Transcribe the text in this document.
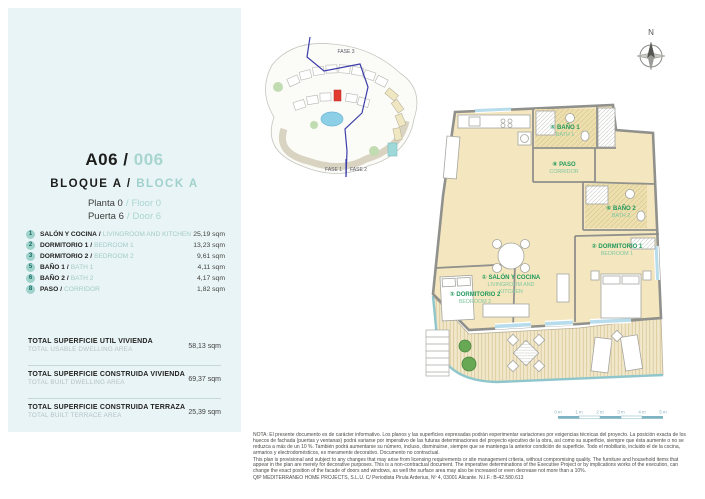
A06 / 006
BLOQUE A / BLOCK A
Planta 0 / Floor 0
Puerta 6 / Door 6
1	SALÓN Y COCINA / LIVINGROOM AND KITCHEN 25,19 sqm
2	DORMITORIO 1 / BEDROOM 1	13,23 sqm
3	DORMITORIO 2 / BEDROOM 2	9,61 sqm
5	BAÑO 1 / BATH 1	4,11 sqm
6	BAÑO 2 / BATH 2	4,17 sqm
8	PASO / CORRIDOR	1,82 sqm
TOTAL SUPERFICIE UTIL VIVIENDA
TOTAL USABLE DWELLING AREA	58,13 sqm
TOTAL SUPERFICIE CONSTRUIDA VIVIENDA
TOTAL BUILT DWELLING AREA	69,37 sqm
TOTAL SUPERFICIE CONSTRUIDA TERRAZA
TOTAL BUILT TERRACE AREA	25,39 sqm
FASE 3
FASE 1 FASE 2
N
⑤ BAÑO 1
BATH 1
⑧ PASO
CORRIDOR
⑥ BAÑO 2
BATH 2
② DORMITORIO 1
BEDROOM 1
① SALÓN Y COCINA
LIVINGROOM AND
KITCHEN
③ DORMITORIO 2
BEDROOM 2
0 m	1 m	2 m	3 m	4 m	5 m

NOTA: El presente documento es de carácter informativo. Los planos y las superficies expresadas podrán experimentar variaciones por exigencias técnicas del proyecto. La posición exacta de los huecos de fachada (puertas y ventanas) podrá variarse por imperativo de las futuras determinaciones del proyecto ejecutivo de la obra, así como su superficie, siempre que ésta aumente o no se reduzca a más de un 10 %. También podrá aumentarse su número, incluso, disminuirse, siempre que se mantenga la anterior condición de superficie. Todo el mobiliario, incluido el de la cocina, armarios y electrodomésticos, es meramente decorativo. Documento no contractual.

This plan is provisional and subject to any changes that may arise from licensing requirements or site management criteria, without compromising quality. The furniture and household items that appear in the plan are merely for decorative purposes. This is a non-contractual document. The imperative determinations of the Executive Project or by implications works of the execution, can change the exact position of the facade of doors and windows, as well the surface area may also be increased or even decrease not more than a 10%.

QIP MEDITERRANEO HOME PROJECTS, S.L.U. C/ Periodista Pirula Arderius, Nº 4, 03001 Alicante. N.I.F.: B-42.580.613
